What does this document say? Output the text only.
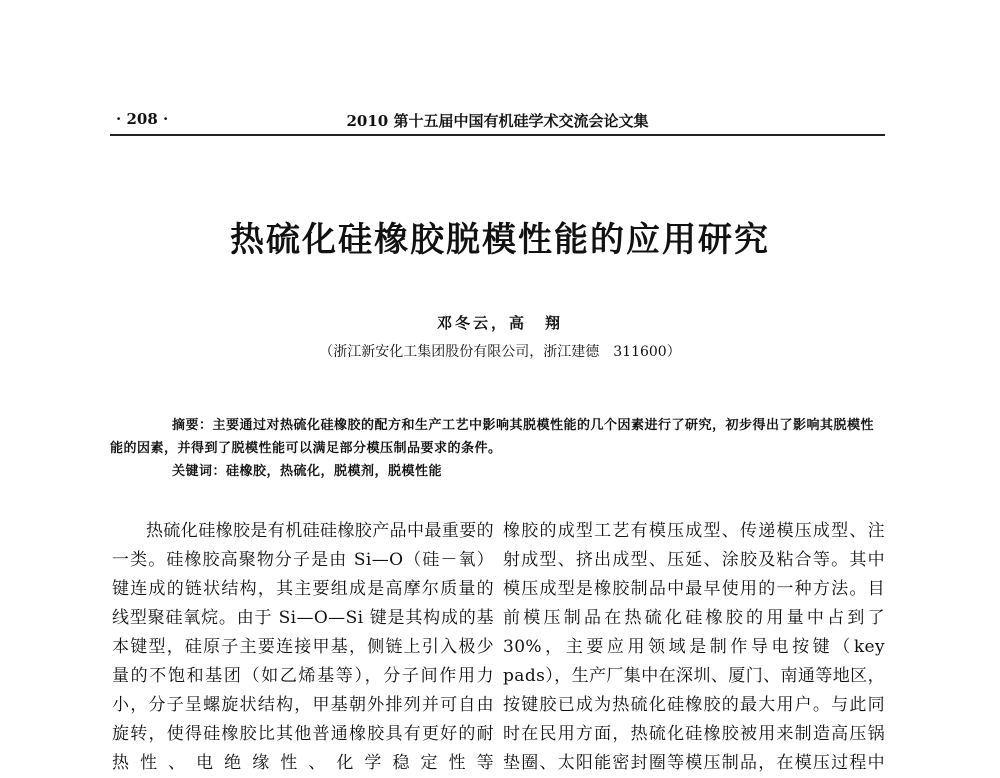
· 208 ·	2010 第十五届中国有机硅学术交流会论文集
热硫化硅橡胶脱模性能的应用研究
邓冬云，高　翔
（浙江新安化工集团股份有限公司，浙江建德　311600）
摘要：主要通过对热硫化硅橡胶的配方和生产工艺中影响其脱模性能的几个因素进行了研究，初步得出了影响其脱模性能的因素，并得到了脱模性能可以满足部分模压制品要求的条件。
关键词：硅橡胶，热硫化，脱模剂，脱模性能

热硫化硅橡胶是有机硅硅橡胶产品中最重要的一类。硅橡胶高聚物分子是由 Si—O（硅－氧）键连成的链状结构，其主要组成是高摩尔质量的线型聚硅氧烷。由于 Si—O—Si 键是其构成的基本键型，硅原子主要连接甲基，侧链上引入极少量的不饱和基团（如乙烯基等），分子间作用力小，分子呈螺旋状结构，甲基朝外排列并可自由旋转，使得硅橡胶比其他普通橡胶具有更好的耐热性、电绝缘性、化学稳定性等

橡胶的成型工艺有模压成型、传递模压成型、注射成型、挤出成型、压延、涂胶及粘合等。其中模压成型是橡胶制品中最早使用的一种方法。目前模压制品在热硫化硅橡胶的用量中占到了30%，主要应用领域是制作导电按键（key pads），生产厂集中在深圳、厦门、南通等地区，按键胶已成为热硫化硅橡胶的最大用户。与此同时在民用方面，热硫化硅橡胶被用来制造高压锅垫圈、太阳能密封圈等模压制品，在模压过程中
